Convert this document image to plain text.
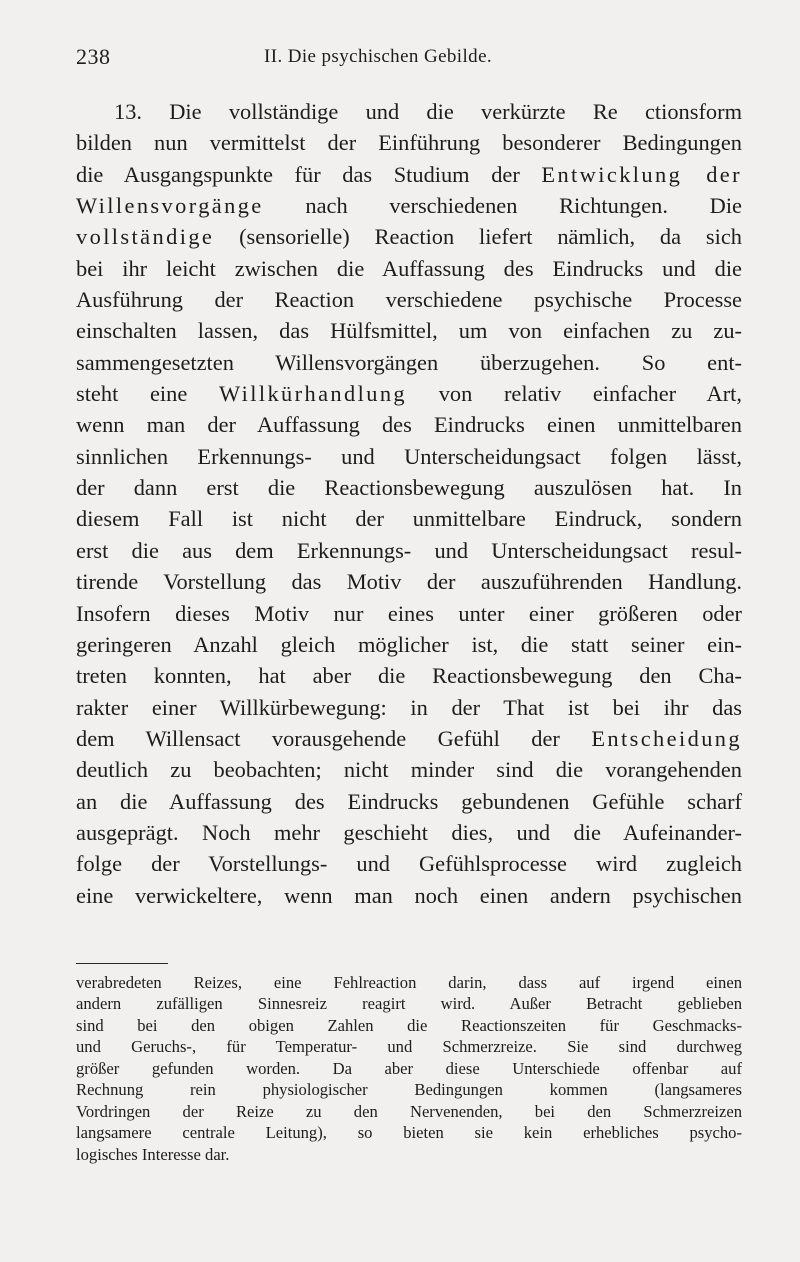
238	II. Die psychischen Gebilde.
13. Die vollständige und die verkürzte Re ctionsform
bilden nun vermittelst der Einführung besonderer Bedingungen
die Ausgangspunkte für das Studium der Entwicklung der
Willensvorgänge nach verschiedenen Richtungen. Die
vollständige (sensorielle) Reaction liefert nämlich, da sich
bei ihr leicht zwischen die Auffassung des Eindrucks und die
Ausführung der Reaction verschiedene psychische Processe
einschalten lassen, das Hülfsmittel, um von einfachen zu zu-
sammengesetzten Willensvorgängen überzugehen. So ent-
steht eine Willkürhandlung von relativ einfacher Art,
wenn man der Auffassung des Eindrucks einen unmittelbaren
sinnlichen Erkennungs- und Unterscheidungsact folgen lässt,
der dann erst die Reactionsbewegung auszulösen hat. In
diesem Fall ist nicht der unmittelbare Eindruck, sondern
erst die aus dem Erkennungs- und Unterscheidungsact resul-
tirende Vorstellung das Motiv der auszuführenden Handlung.
Insofern dieses Motiv nur eines unter einer größeren oder
geringeren Anzahl gleich möglicher ist, die statt seiner ein-
treten konnten, hat aber die Reactionsbewegung den Cha-
rakter einer Willkürbewegung: in der That ist bei ihr das
dem Willensact vorausgehende Gefühl der Entscheidung
deutlich zu beobachten; nicht minder sind die vorangehenden
an die Auffassung des Eindrucks gebundenen Gefühle scharf
ausgeprägt. Noch mehr geschieht dies, und die Aufeinander-
folge der Vorstellungs- und Gefühlsprocesse wird zugleich
eine verwickeltere, wenn man noch einen andern psychischen
verabredeten Reizes, eine Fehlreaction darin, dass auf irgend einen
andern zufälligen Sinnesreiz reagirt wird. Außer Betracht geblieben
sind bei den obigen Zahlen die Reactionszeiten für Geschmacks-
und Geruchs-, für Temperatur- und Schmerzreize. Sie sind durchweg
größer gefunden worden. Da aber diese Unterschiede offenbar auf
Rechnung rein physiologischer Bedingungen kommen (langsameres
Vordringen der Reize zu den Nervenenden, bei den Schmerzreizen
langsamere centrale Leitung), so bieten sie kein erhebliches psycho-
logisches Interesse dar.
